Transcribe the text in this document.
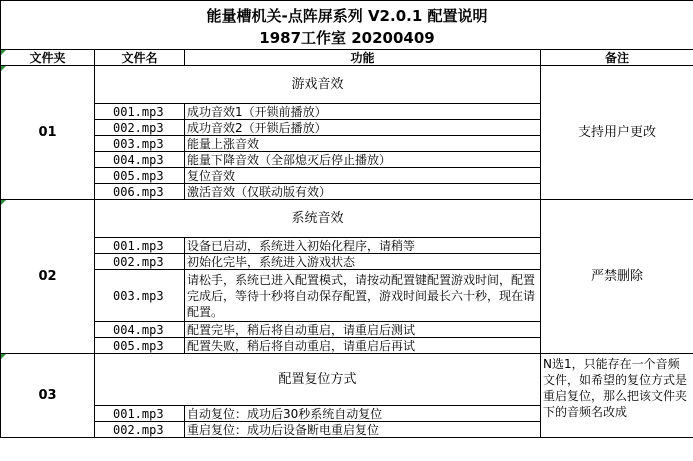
能量槽机关-点阵屏系列 V2.0.1 配置说明			
1987工作室 20200409			
文件夹	文件名	功能	备注
01	游戏音效		支持用户更改
	001.mp3	成功音效1（开锁前播放）	
	002.mp3	成功音效2（开锁后播放）	
	003.mp3	能量上涨音效	
	004.mp3	能量下降音效（全部熄灭后停止播放）	
	005.mp3	复位音效	
	006.mp3	激活音效（仅联动版有效）	
02	系统音效		严禁删除
	001.mp3	设备已启动，系统进入初始化程序，请稍等	
	002.mp3	初始化完毕，系统进入游戏状态	
	003.mp3	请松手，系统已进入配置模式，请按动配置键配置游戏时间，配置完成后，等待十秒将自动保存配置，游戏时间最长六十秒，现在请配置。	
	004.mp3	配置完毕，稍后将自动重启，请重启后测试	
	005.mp3	配置失败，稍后将自动重启，请重启后再试	
03	配置复位方式		N选1，只能存在一个音频文件，如希望的复位方式是重启复位，那么把该文件夹下的音频名改成
	001.mp3	自动复位：成功后30秒系统自动复位	
	002.mp3	重启复位：成功后设备断电重启复位	
